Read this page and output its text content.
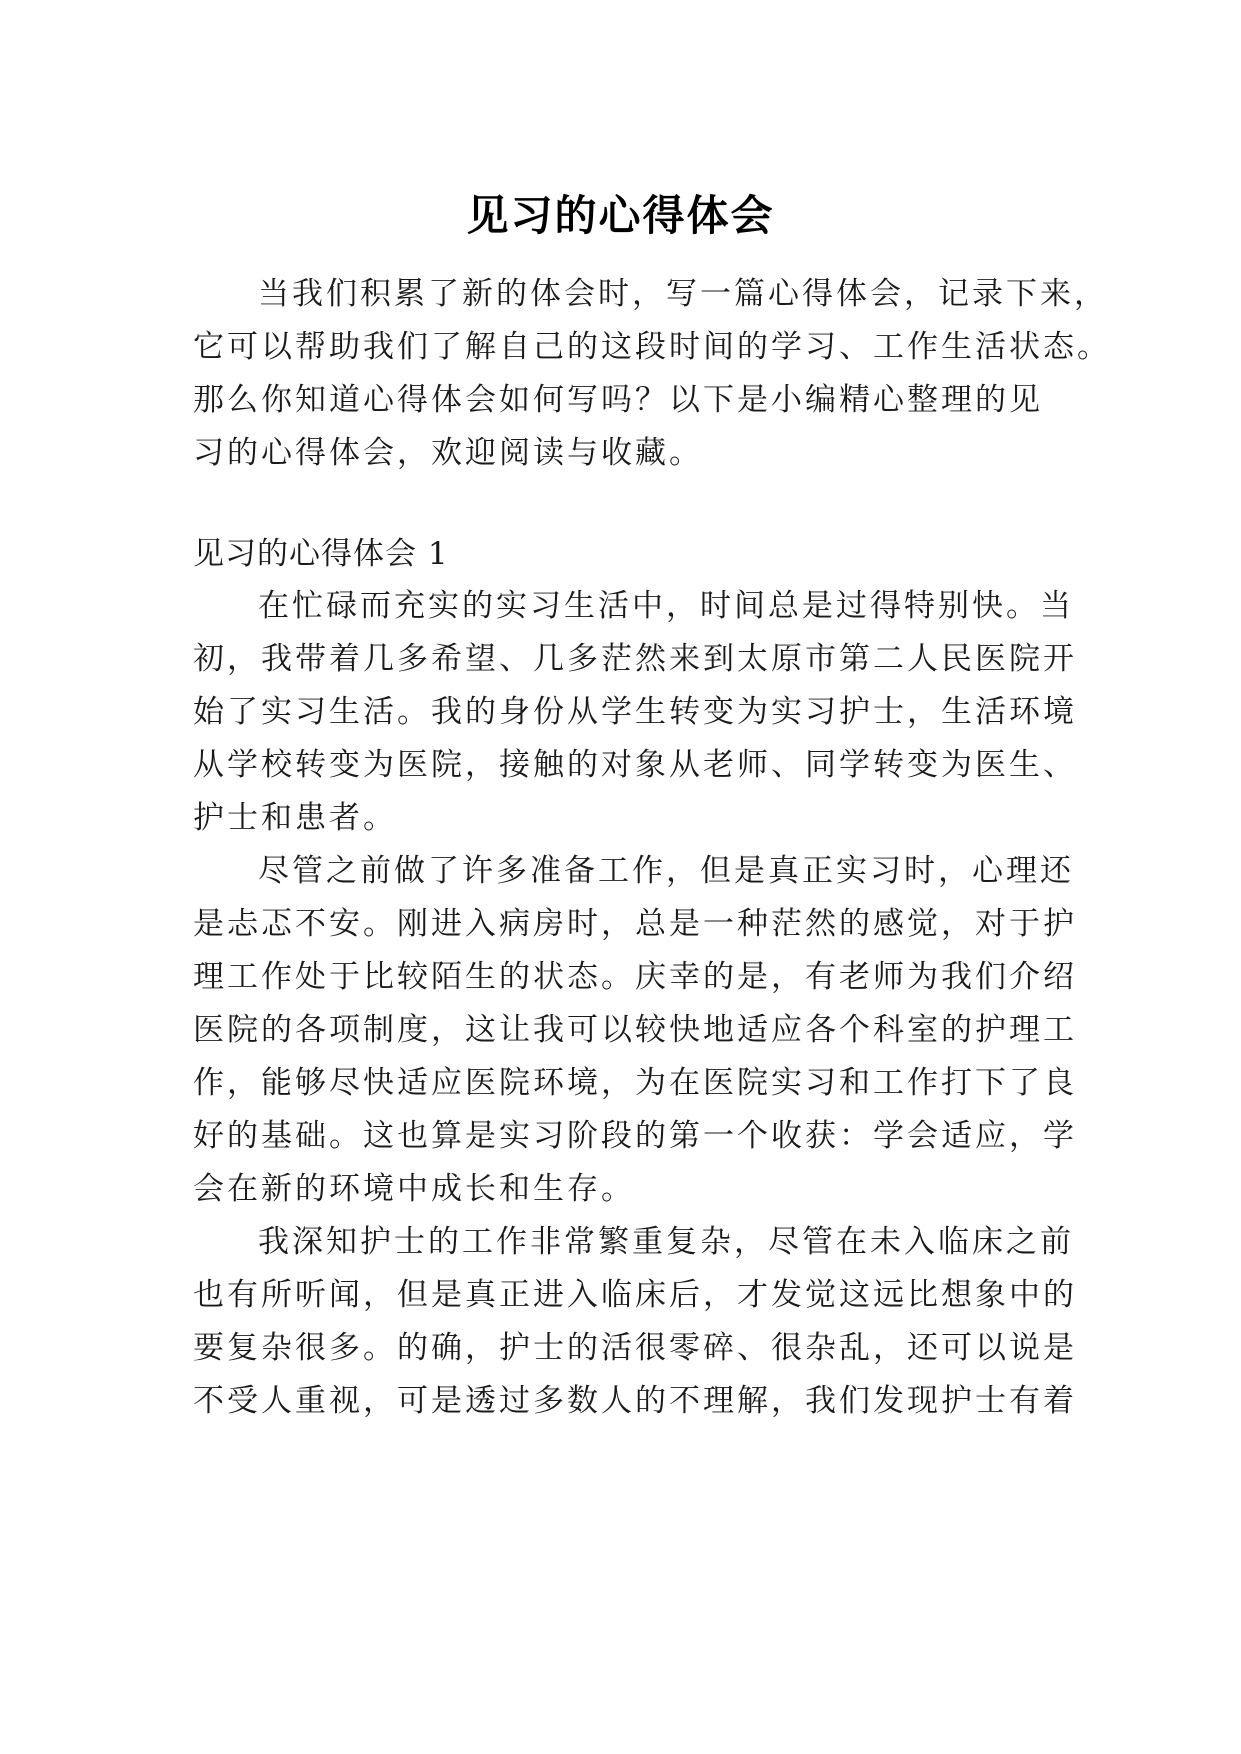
见习的心得体会

当我们积累了新的体会时，写一篇心得体会，记录下来，

它可以帮助我们了解自己的这段时间的学习、工作生活状态。

那么你知道心得体会如何写吗？以下是小编精心整理的见

习的心得体会，欢迎阅读与收藏。

见习的心得体会 1

在忙碌而充实的实习生活中，时间总是过得特别快。当

初，我带着几多希望、几多茫然来到太原市第二人民医院开

始了实习生活。我的身份从学生转变为实习护士，生活环境

从学校转变为医院，接触的对象从老师、同学转变为医生、

护士和患者。

尽管之前做了许多准备工作，但是真正实习时，心理还

是忐忑不安。刚进入病房时，总是一种茫然的感觉，对于护

理工作处于比较陌生的状态。庆幸的是，有老师为我们介绍

医院的各项制度，这让我可以较快地适应各个科室的护理工

作，能够尽快适应医院环境，为在医院实习和工作打下了良

好的基础。这也算是实习阶段的第一个收获：学会适应，学

会在新的环境中成长和生存。

我深知护士的工作非常繁重复杂，尽管在未入临床之前

也有所听闻，但是真正进入临床后，才发觉这远比想象中的

要复杂很多。的确，护士的活很零碎、很杂乱，还可以说是

不受人重视，可是透过多数人的不理解，我们发现护士有着
